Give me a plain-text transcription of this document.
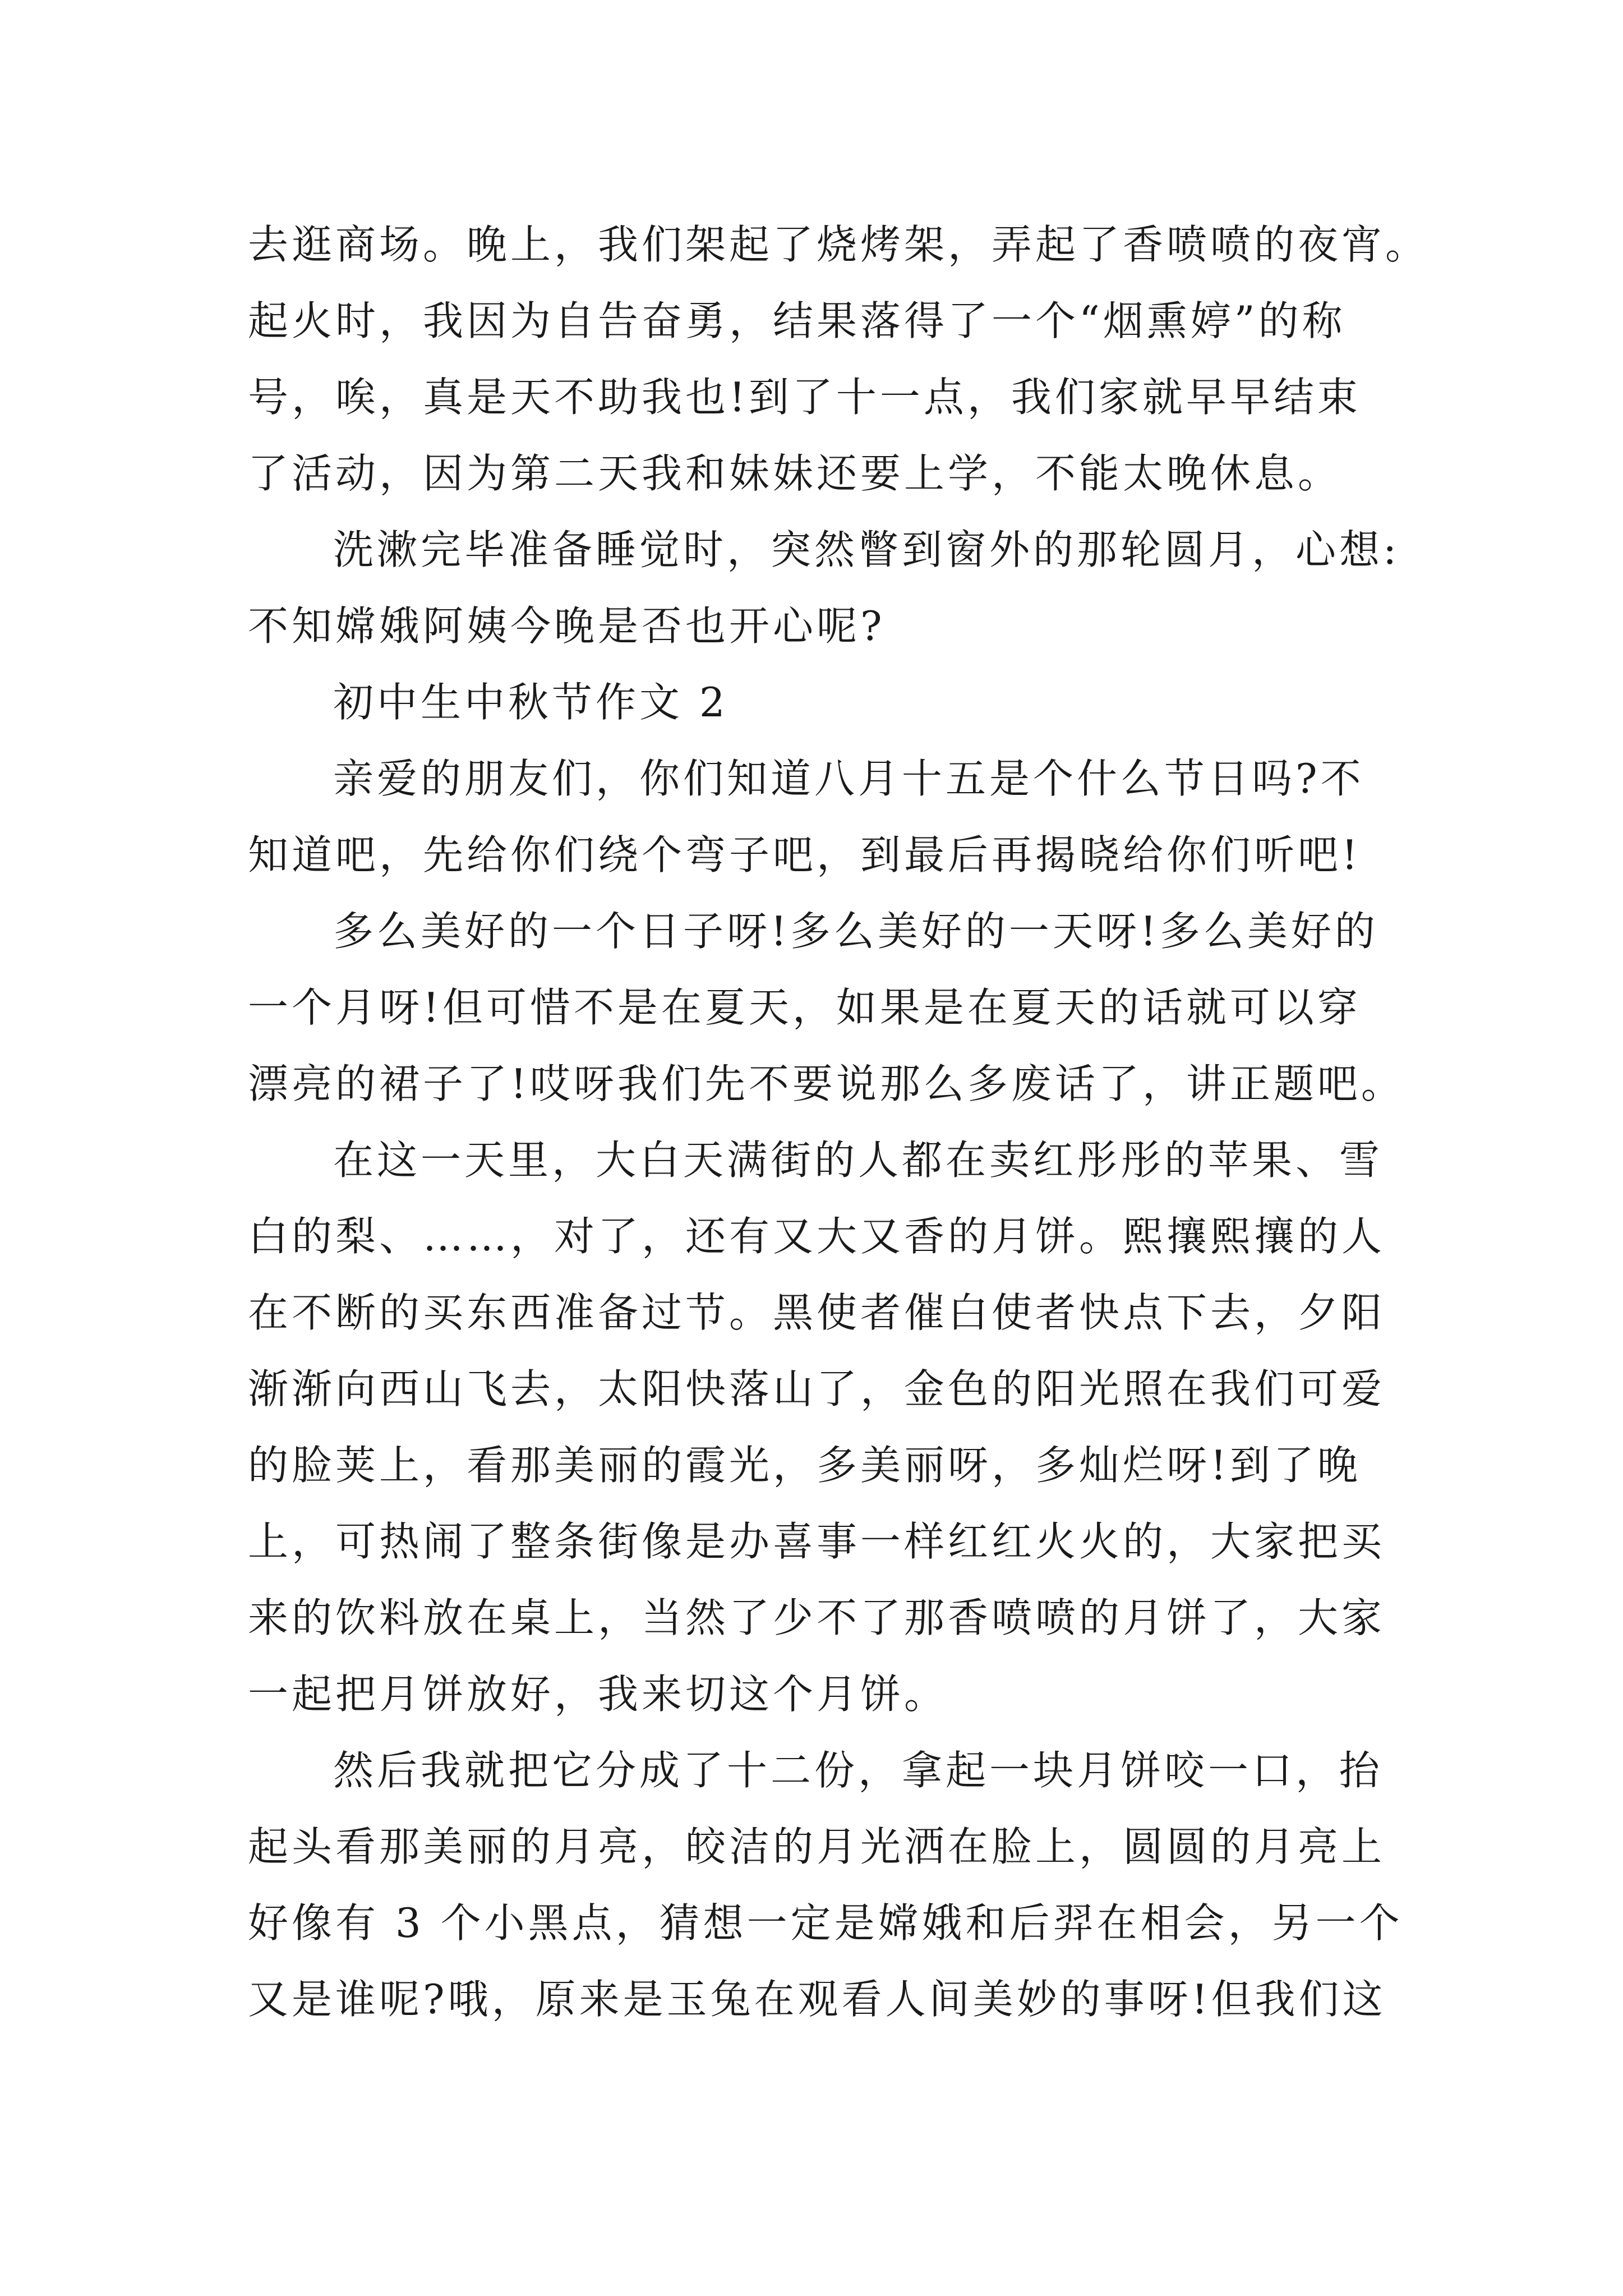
去逛商场。晚上，我们架起了烧烤架，弄起了香喷喷的夜宵。
起火时，我因为自告奋勇，结果落得了一个“烟熏婷”的称
号，唉，真是天不助我也!到了十一点，我们家就早早结束
了活动，因为第二天我和妹妹还要上学，不能太晚休息。

洗漱完毕准备睡觉时，突然瞥到窗外的那轮圆月，心想:
不知嫦娥阿姨今晚是否也开心呢?

初中生中秋节作文 2

亲爱的朋友们，你们知道八月十五是个什么节日吗?不
知道吧，先给你们绕个弯子吧，到最后再揭晓给你们听吧!

多么美好的一个日子呀!多么美好的一天呀!多么美好的
一个月呀!但可惜不是在夏天，如果是在夏天的话就可以穿
漂亮的裙子了!哎呀我们先不要说那么多废话了，讲正题吧。

在这一天里，大白天满街的人都在卖红彤彤的苹果、雪
白的梨、……，对了，还有又大又香的月饼。熙攘熙攘的人
在不断的买东西准备过节。黑使者催白使者快点下去，夕阳
渐渐向西山飞去，太阳快落山了，金色的阳光照在我们可爱
的脸荚上，看那美丽的霞光，多美丽呀，多灿烂呀!到了晚
上，可热闹了整条街像是办喜事一样红红火火的，大家把买
来的饮料放在桌上，当然了少不了那香喷喷的月饼了，大家
一起把月饼放好，我来切这个月饼。

然后我就把它分成了十二份，拿起一块月饼咬一口，抬
起头看那美丽的月亮，皎洁的月光洒在脸上，圆圆的月亮上
好像有 3 个小黑点，猜想一定是嫦娥和后羿在相会，另一个
又是谁呢?哦，原来是玉兔在观看人间美妙的事呀!但我们这
